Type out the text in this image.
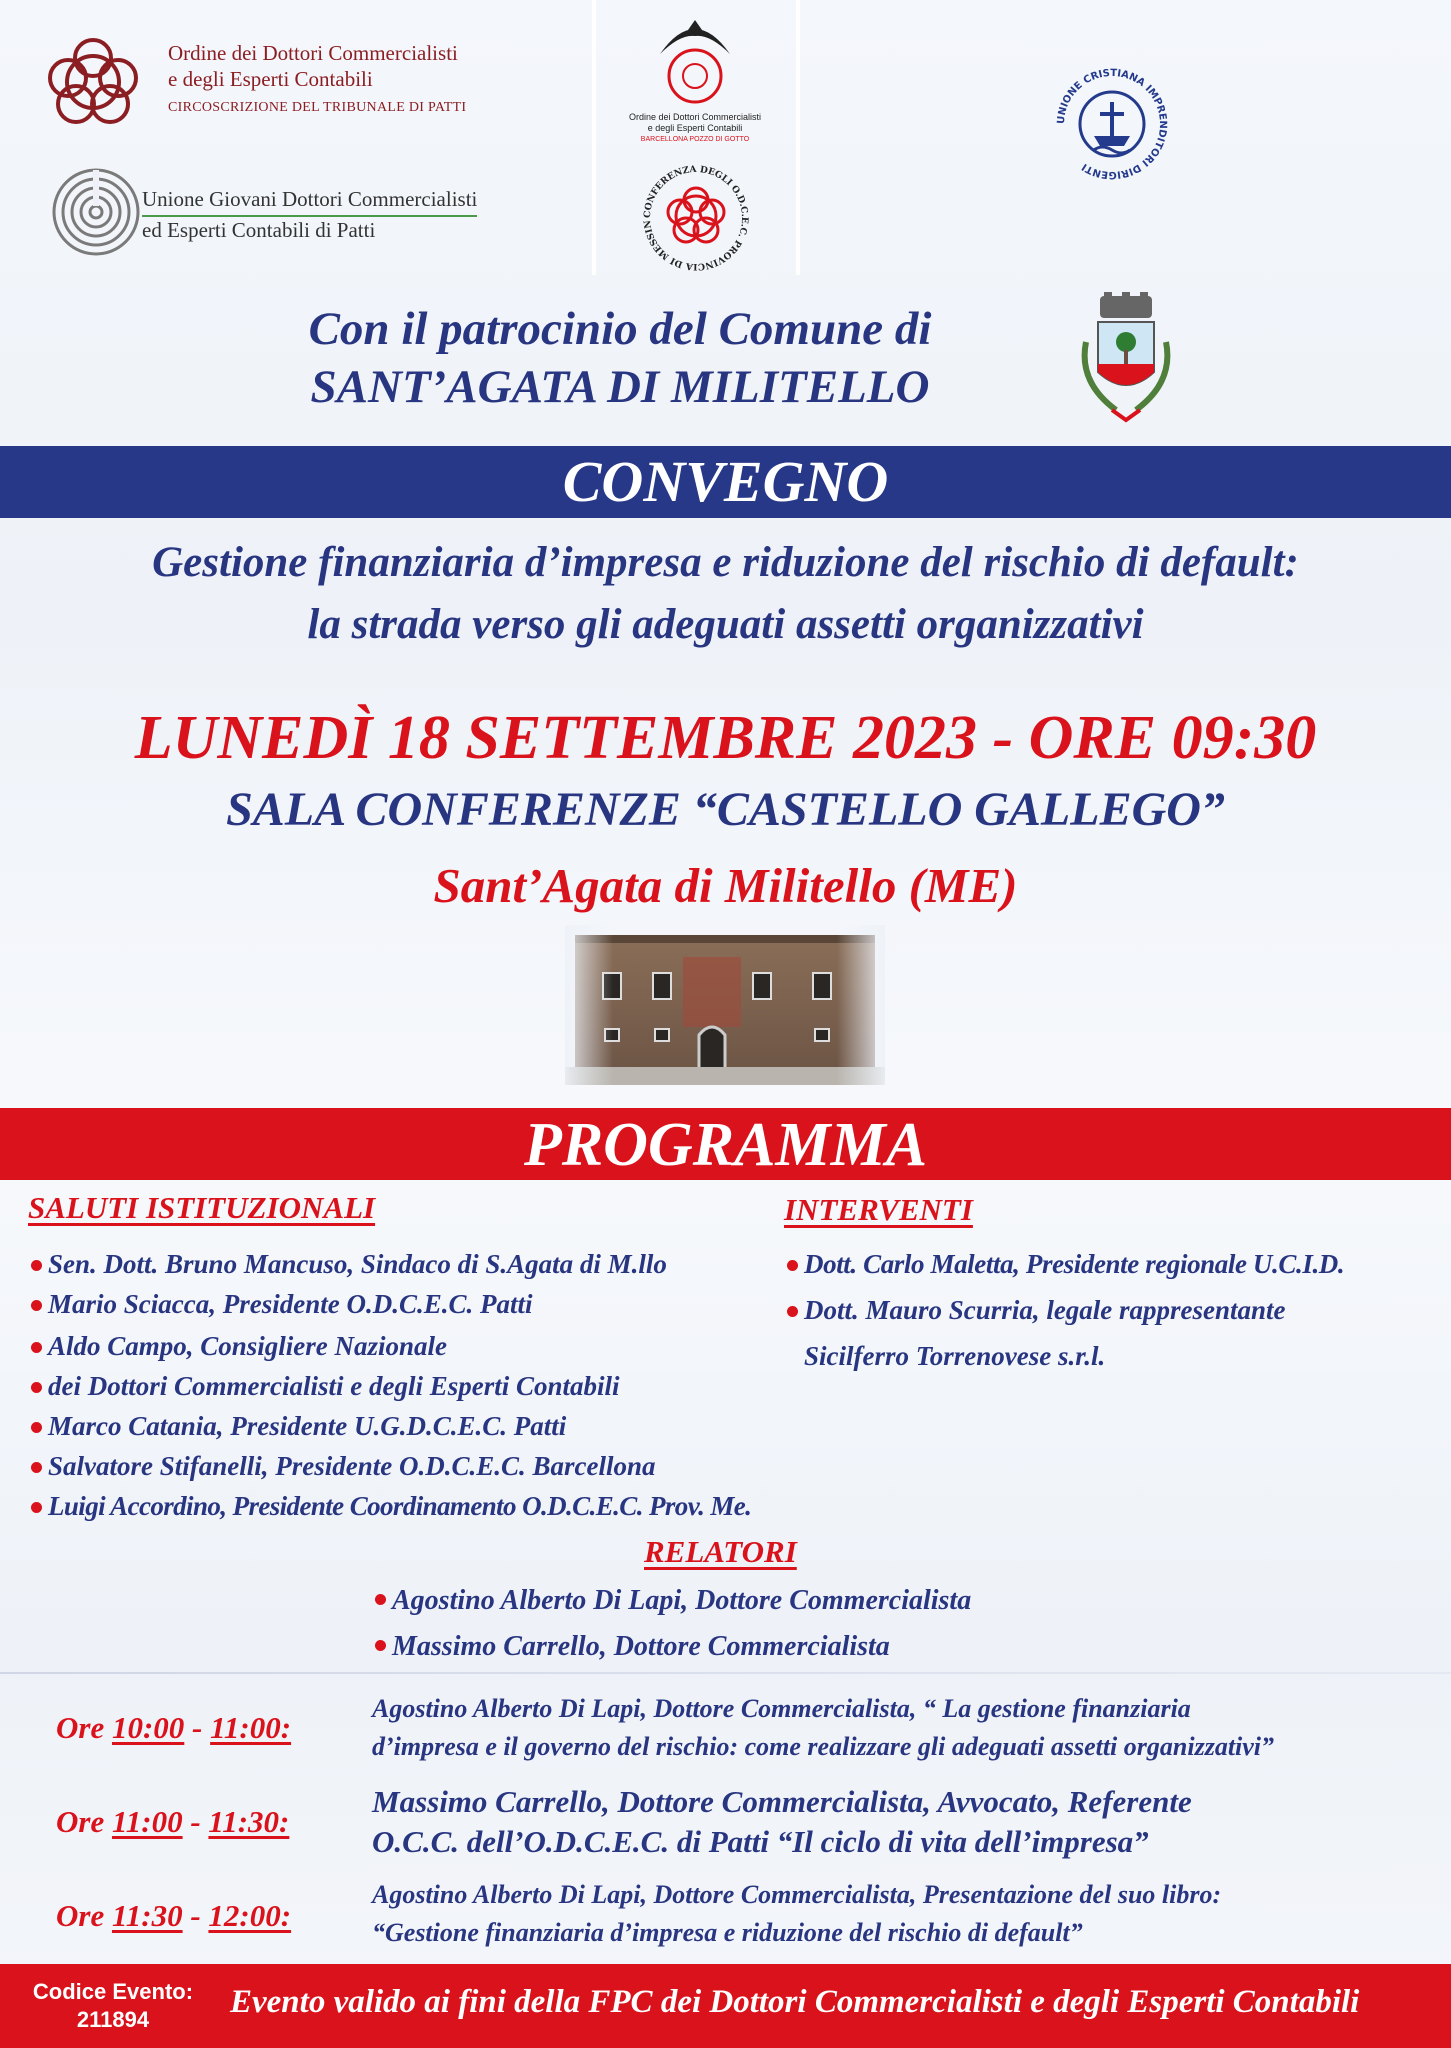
Ordine dei Dottori Commercialisti
e degli Esperti Contabili
CIRCOSCRIZIONE DEL TRIBUNALE DI PATTI
Unione Giovani Dottori Commercialisti
ed Esperti Contabili di Patti
Ordine dei Dottori Commercialisti
e degli Esperti Contabili
BARCELLONA POZZO DI GOTTO
CONFERENZA DEGLI O.D.C.E.C. PROVINCIA DI MESSIN
UNIONE CRISTIANA IMPRENDITORI DIRIGENTI
Con il patrocinio del Comune di
SANT’AGATA DI MILITELLO
CONVEGNO
Gestione finanziaria d’impresa e riduzione del rischio di default:
la strada verso gli adeguati assetti organizzativi
LUNEDÌ 18 SETTEMBRE 2023 - ORE 09:30
SALA CONFERENZE “CASTELLO GALLEGO”
Sant’Agata di Militello (ME)
PROGRAMMA
SALUTI ISTITUZIONALI
Sen. Dott. Bruno Mancuso, Sindaco di S.Agata di M.llo
Mario Sciacca, Presidente O.D.C.E.C. Patti
Aldo Campo, Consigliere Nazionale
dei Dottori Commercialisti e degli Esperti Contabili
Marco Catania, Presidente U.G.D.C.E.C. Patti
Salvatore Stifanelli, Presidente O.D.C.E.C. Barcellona
Luigi Accordino, Presidente Coordinamento O.D.C.E.C. Prov. Me.
INTERVENTI
Dott. Carlo Maletta, Presidente regionale U.C.I.D.
Dott. Mauro Scurria, legale rappresentante
Sicilferro Torrenovese s.r.l.
RELATORI
Agostino Alberto Di Lapi, Dottore Commercialista
Massimo Carrello, Dottore Commercialista
Ore 10:00 - 11:00:
Agostino Alberto Di Lapi, Dottore Commercialista, “ La gestione finanziaria
d’impresa e il governo del rischio: come realizzare gli adeguati assetti organizzativi”
Ore 11:00 - 11:30:
Massimo Carrello, Dottore Commercialista, Avvocato, Referente
O.C.C. dell’O.D.C.E.C. di Patti “Il ciclo di vita dell’impresa”
Ore 11:30 - 12:00:
Agostino Alberto Di Lapi, Dottore Commercialista, Presentazione del suo libro:
“Gestione finanziaria d’impresa e riduzione del rischio di default”
Codice Evento:
211894	Evento valido ai fini della FPC dei Dottori Commercialisti e degli Esperti Contabili
